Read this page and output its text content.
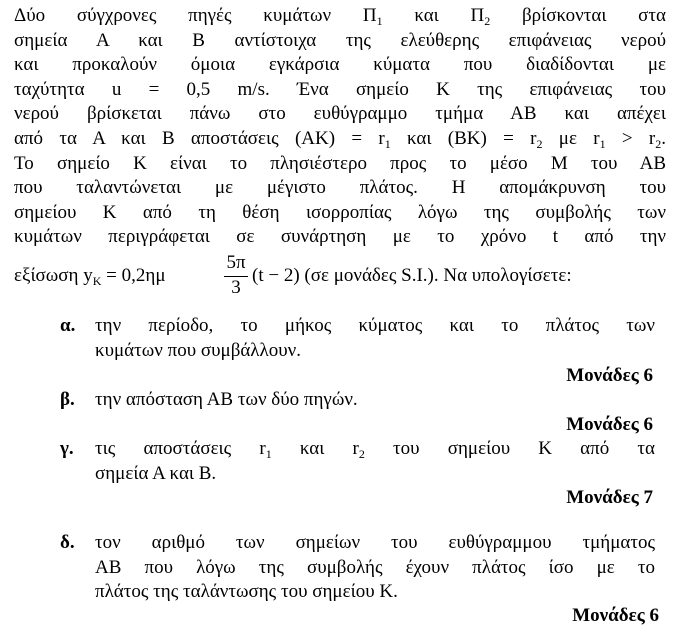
Δύο σύγχρονες πηγές κυμάτων $\Pi_1$ και $\Pi_2$ βρίσκονται στα
σημεία Α και Β αντίστοιχα της ελεύθερης επιφάνειας νερού
και προκαλούν όμοια εγκάρσια κύματα που διαδίδονται με
ταχύτητα u = 0,5 m/s. Ένα σημείο Κ της επιφάνειας του
νερού βρίσκεται πάνω στο ευθύγραμμο τμήμα ΑΒ και απέχει
από τα Α και Β αποστάσεις $(AK) = r_1$ και $(BK) = r_2$ με $r_1 > r_2$.
Το σημείο Κ είναι το πλησιέστερο προς το μέσο Μ του ΑΒ
που ταλαντώνεται με μέγιστο πλάτος. Η απομάκρυνση του
σημείου Κ από τη θέση ισορροπίας λόγω της συμβολής των
κυμάτων περιγράφεται σε συνάρτηση με το χρόνο t από την
εξίσωση $y_K = 0,2\eta\mu$
5π
3
(t − 2) (σε μονάδες S.I.). Να υπολογίσετε:
α. την περίοδο, το μήκος κύματος και το πλάτος των
κυμάτων που συμβάλλουν.
Μονάδες 6
β. την απόσταση ΑΒ των δύο πηγών.
Μονάδες 6
γ. τις αποστάσεις $r_1$ και $r_2$ του σημείου Κ από τα
σημεία Α και Β.
Μονάδες 7
δ. τον αριθμό των σημείων του ευθύγραμμου τμήματος
ΑΒ που λόγω της συμβολής έχουν πλάτος ίσο με το
πλάτος της ταλάντωσης του σημείου Κ.
Μονάδες 6
